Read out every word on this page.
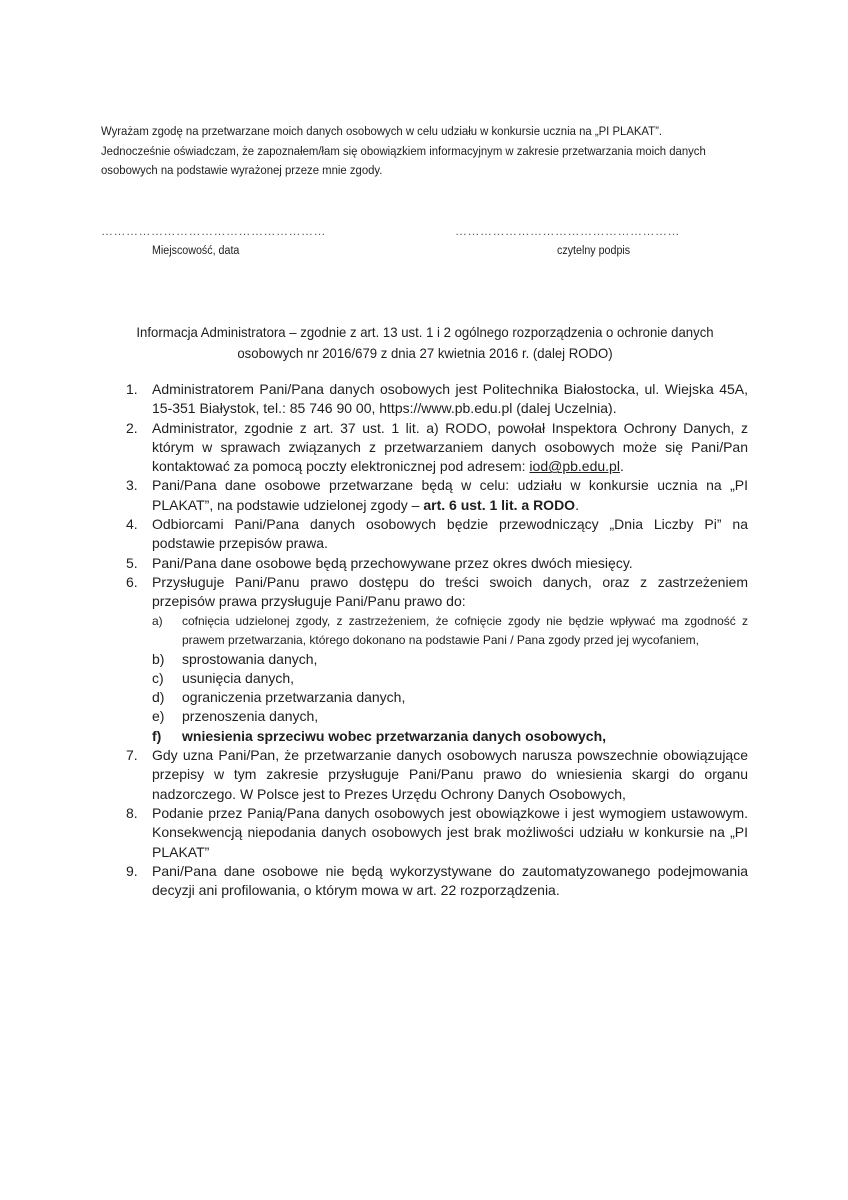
Wyrażam zgodę na przetwarzane moich danych osobowych w celu udziału w konkursie ucznia na „PI PLAKAT”. Jednocześnie oświadczam, że zapoznałem/łam się obowiązkiem informacyjnym w zakresie przetwarzania moich danych osobowych na podstawie wyrażonej przeze mnie zgody.
………………………………………………	………………………………………………
Miejscowość, data	czytelny podpis
Informacja Administratora – zgodnie z art. 13 ust. 1 i 2 ogólnego rozporządzenia o ochronie danych osobowych nr 2016/679 z dnia 27 kwietnia 2016 r. (dalej RODO)
1. Administratorem Pani/Pana danych osobowych jest Politechnika Białostocka, ul. Wiejska 45A, 15-351 Białystok, tel.: 85 746 90 00, https://www.pb.edu.pl (dalej Uczelnia).
2. Administrator, zgodnie z art. 37 ust. 1 lit. a) RODO, powołał Inspektora Ochrony Danych, z którym w sprawach związanych z przetwarzaniem danych osobowych może się Pani/Pan kontaktować za pomocą poczty elektronicznej pod adresem: iod@pb.edu.pl.
3. Pani/Pana dane osobowe przetwarzane będą w celu: udziału w konkursie ucznia na „PI PLAKAT”, na podstawie udzielonej zgody – art. 6 ust. 1 lit. a RODO.
4. Odbiorcami Pani/Pana danych osobowych będzie przewodniczący „Dnia Liczby Pi” na podstawie przepisów prawa.
5. Pani/Pana dane osobowe będą przechowywane przez okres dwóch miesięcy.
6. Przysługuje Pani/Panu prawo dostępu do treści swoich danych, oraz z zastrzeżeniem przepisów prawa przysługuje Pani/Panu prawo do:
a) cofnięcia udzielonej zgody, z zastrzeżeniem, że cofnięcie zgody nie będzie wpływać ma zgodność z prawem przetwarzania, którego dokonano na podstawie Pani / Pana zgody przed jej wycofaniem,
b) sprostowania danych,
c) usunięcia danych,
d) ograniczenia przetwarzania danych,
e) przenoszenia danych,
f) wniesienia sprzeciwu wobec przetwarzania danych osobowych,
7. Gdy uzna Pani/Pan, że przetwarzanie danych osobowych narusza powszechnie obowiązujące przepisy w tym zakresie przysługuje Pani/Panu prawo do wniesienia skargi do organu nadzorczego. W Polsce jest to Prezes Urzędu Ochrony Danych Osobowych,
8. Podanie przez Panią/Pana danych osobowych jest obowiązkowe i jest wymogiem ustawowym. Konsekwencją niepodania danych osobowych jest brak możliwości udziału w konkursie na „PI PLAKAT”
9. Pani/Pana dane osobowe nie będą wykorzystywane do zautomatyzowanego podejmowania decyzji ani profilowania, o którym mowa w art. 22 rozporządzenia.
